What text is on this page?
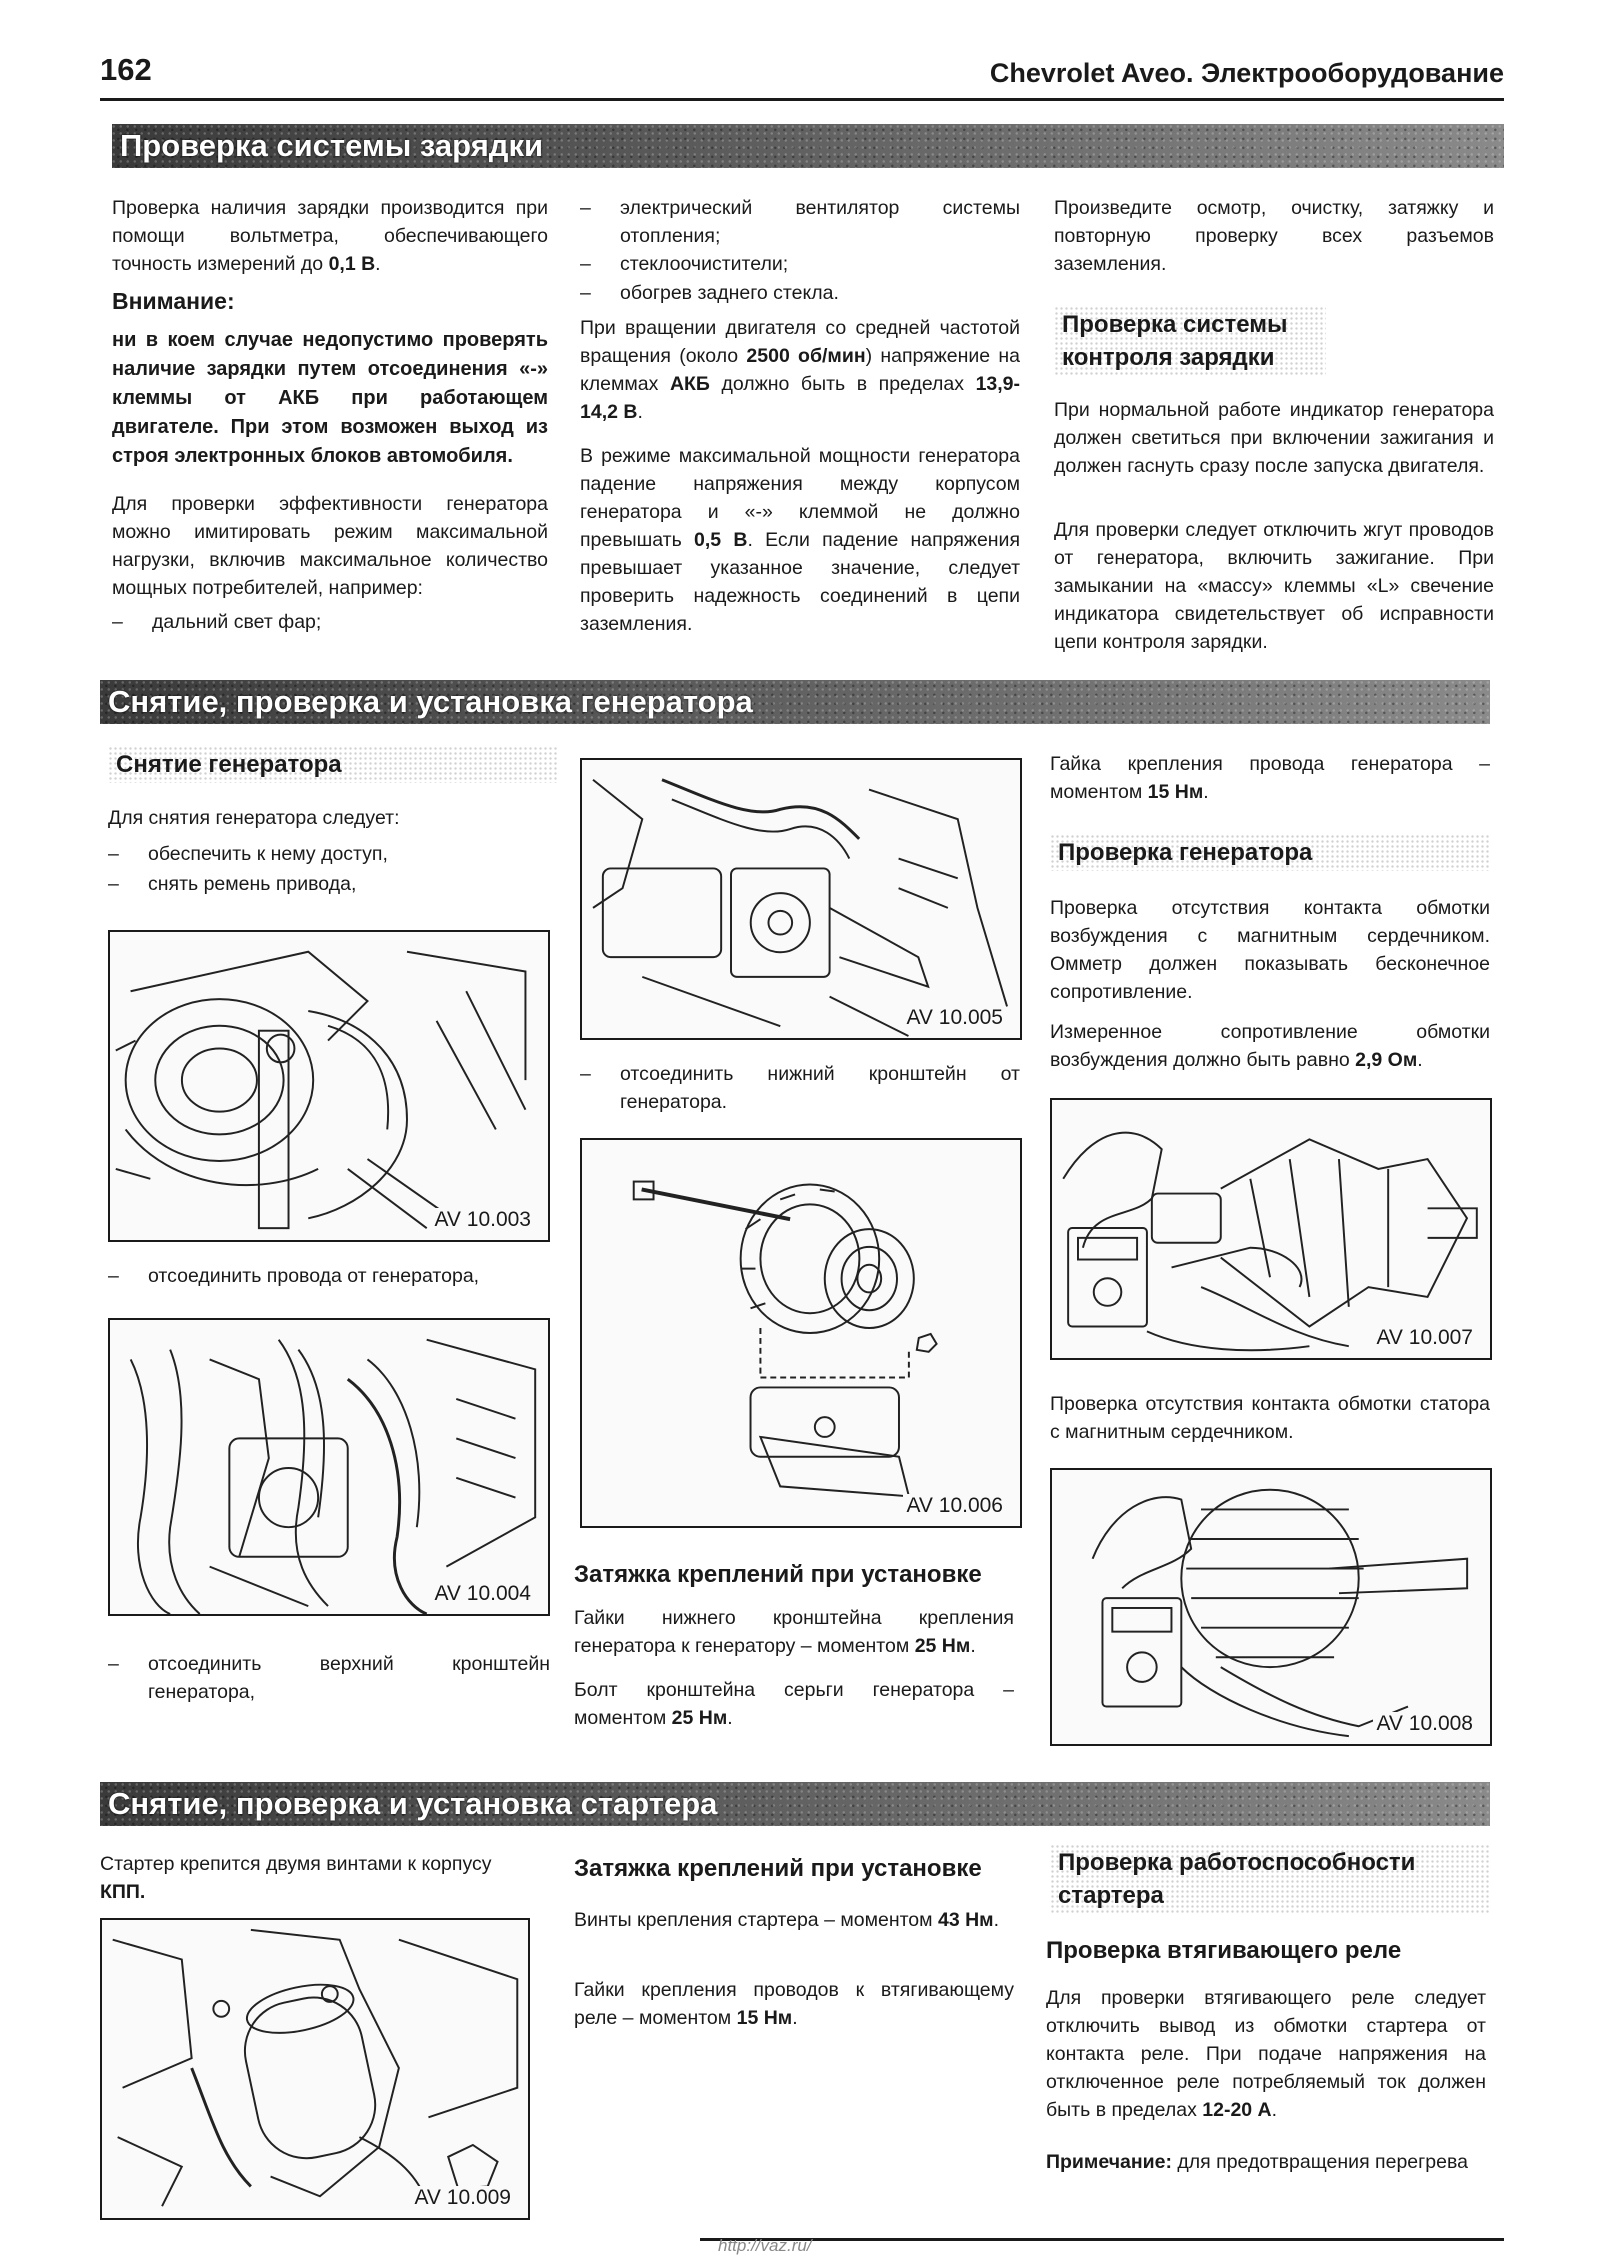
162	Chevrolet Aveo. Электрооборудование
Проверка системы зарядки
Проверка наличия зарядки производится при помощи вольтметра, обеспечивающего точность измерений до 0,1 В.
Внимание:
ни в коем случае недопустимо проверять наличие зарядки путем отсоединения «-» клеммы от АКБ при работающем двигателе. При этом возможен выход из строя электронных блоков автомобиля.
Для проверки эффективности генератора можно имитировать режим максимальной нагрузки, включив максимальное количество мощных потребителей, например:
– дальний свет фар;
– электрический вентилятор системы отопления;
– стеклоочистители;
– обогрев заднего стекла.
При вращении двигателя со средней частотой вращения (около 2500 об/мин) напряжение на клеммах АКБ должно быть в пределах 13,9-14,2 В.
В режиме максимальной мощности генератора падение напряжения между корпусом генератора и «-» клеммой не должно превышать 0,5 В. Если падение напряжения превышает указанное значение, следует проверить надежность соединений в цепи заземления.
Произведите осмотр, очистку, затяжку и повторную проверку всех разъемов заземления.
Проверка системы контроля зарядки
При нормальной работе индикатор генератора должен светиться при включении зажигания и должен гаснуть сразу после запуска двигателя.
Для проверки следует отключить жгут проводов от генератора, включить зажигание. При замыкании на «массу» клеммы «L» свечение индикатора свидетельствует об исправности цепи контроля зарядки.
Снятие, проверка и установка генератора
Снятие генератора
Для снятия генератора следует:
– обеспечить к нему доступ,
– снять ремень привода,
AV 10.003
– отсоединить провода от генератора,
AV 10.004
– отсоединить верхний кронштейн генератора,
AV 10.005
– отсоединить нижний кронштейн от генератора.
AV 10.006
Затяжка креплений при установке
Гайки нижнего кронштейна крепления генератора к генератору – моментом 25 Нм.
Болт кронштейна серьги генератора – моментом 25 Нм.
Гайка крепления провода генератора – моментом 15 Нм.
Проверка генератора
Проверка отсутствия контакта обмотки возбуждения с магнитным сердечником. Омметр должен показывать бесконечное сопротивление.
Измеренное сопротивление обмотки возбуждения должно быть равно 2,9 Ом.
AV 10.007
Проверка отсутствия контакта обмотки статора с магнитным сердечником.
AV 10.008
Снятие, проверка и установка стартера
Стартер крепится двумя винтами к корпусу
КПП.
AV 10.009
Затяжка креплений при установке
Винты крепления стартера – моментом 43 Нм.
Гайки крепления проводов к втягивающему реле – моментом 15 Нм.
Проверка работоспособности стартера
Проверка втягивающего реле
Для проверки втягивающего реле следует отключить вывод из обмотки стартера от контакта реле. При подаче напряжения на отключенное реле потребляемый ток должен быть в пределах 12-20 А.
Примечание: для предотвращения перегрева
http://vaz.ru/
